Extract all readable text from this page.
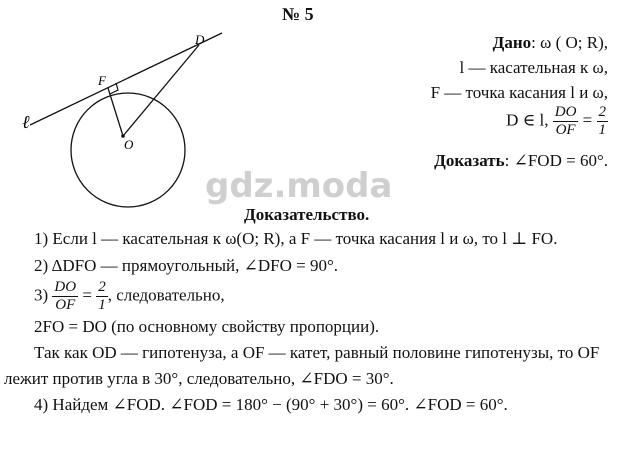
№ 5
ℓ
F
D
O
Дано: ω ( O; R),
l — касательная к ω,
F — точка касания l и ω,
D ∈ l, $\frac{DO}{OF} = \frac{2}{1}$
Доказать: ∠FOD = 60°.
gdz.moda
Доказательство.
1) Если l — касательная к ω(O; R), а F — точка касания l и ω, то l ⊥ FO.
2) ΔDFO — прямоугольный, ∠DFO = 90°.
$3) \frac{DO}{OF} = \frac{2}{1}$ , следовательно,
2FO = DO (по основному свойству пропорции).
Так как OD — гипотенуза, а OF — катет, равный половине гипотенузы, то OF
лежит против угла в 30°, следовательно, ∠FDO = 30°.
4) Найдем ∠FOD. ∠FOD = 180° − (90° + 30°) = 60°. ∠FOD = 60°.
